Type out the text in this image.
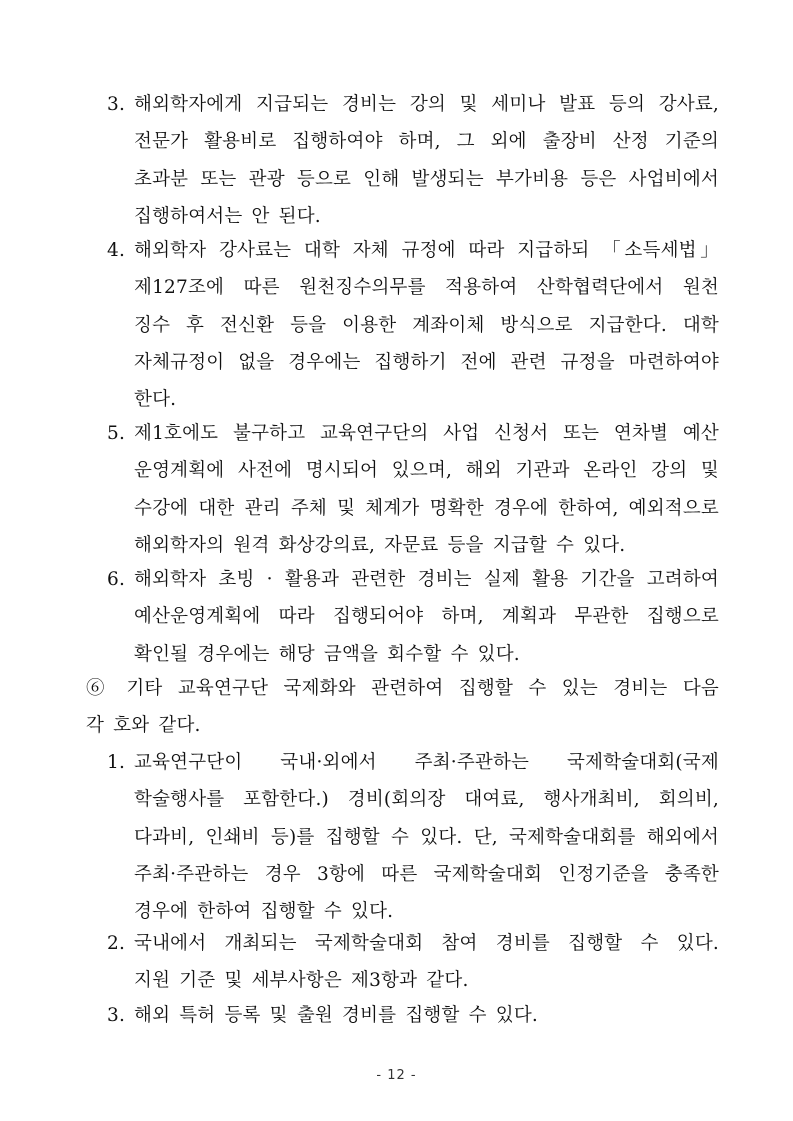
3. 해외학자에게 지급되는 경비는 강의 및 세미나 발표 등의 강사료,
전문가 활용비로 집행하여야 하며, 그 외에 출장비 산정 기준의
초과분 또는 관광 등으로 인해 발생되는 부가비용 등은 사업비에서
집행하여서는 안 된다.
4. 해외학자 강사료는 대학 자체 규정에 따라 지급하되 「소득세법」
제127조에 따른 원천징수의무를 적용하여 산학협력단에서 원천
징수 후 전신환 등을 이용한 계좌이체 방식으로 지급한다. 대학
자체규정이 없을 경우에는 집행하기 전에 관련 규정을 마련하여야
한다.
5. 제1호에도 불구하고 교육연구단의 사업 신청서 또는 연차별 예산
운영계획에 사전에 명시되어 있으며, 해외 기관과 온라인 강의 및
수강에 대한 관리 주체 및 체계가 명확한 경우에 한하여, 예외적으로
해외학자의 원격 화상강의료, 자문료 등을 지급할 수 있다.
6. 해외학자 초빙 · 활용과 관련한 경비는 실제 활용 기간을 고려하여
예산운영계획에 따라 집행되어야 하며, 계획과 무관한 집행으로
확인될 경우에는 해당 금액을 회수할 수 있다.
⑥ 기타 교육연구단 국제화와 관련하여 집행할 수 있는 경비는 다음
각 호와 같다.
1. 교육연구단이 국내·외에서 주최·주관하는 국제학술대회(국제
학술행사를 포함한다.) 경비(회의장 대여료, 행사개최비, 회의비,
다과비, 인쇄비 등)를 집행할 수 있다. 단, 국제학술대회를 해외에서
주최·주관하는 경우 3항에 따른 국제학술대회 인정기준을 충족한
경우에 한하여 집행할 수 있다.
2. 국내에서 개최되는 국제학술대회 참여 경비를 집행할 수 있다.
지원 기준 및 세부사항은 제3항과 같다.
3. 해외 특허 등록 및 출원 경비를 집행할 수 있다.
- 12 -
